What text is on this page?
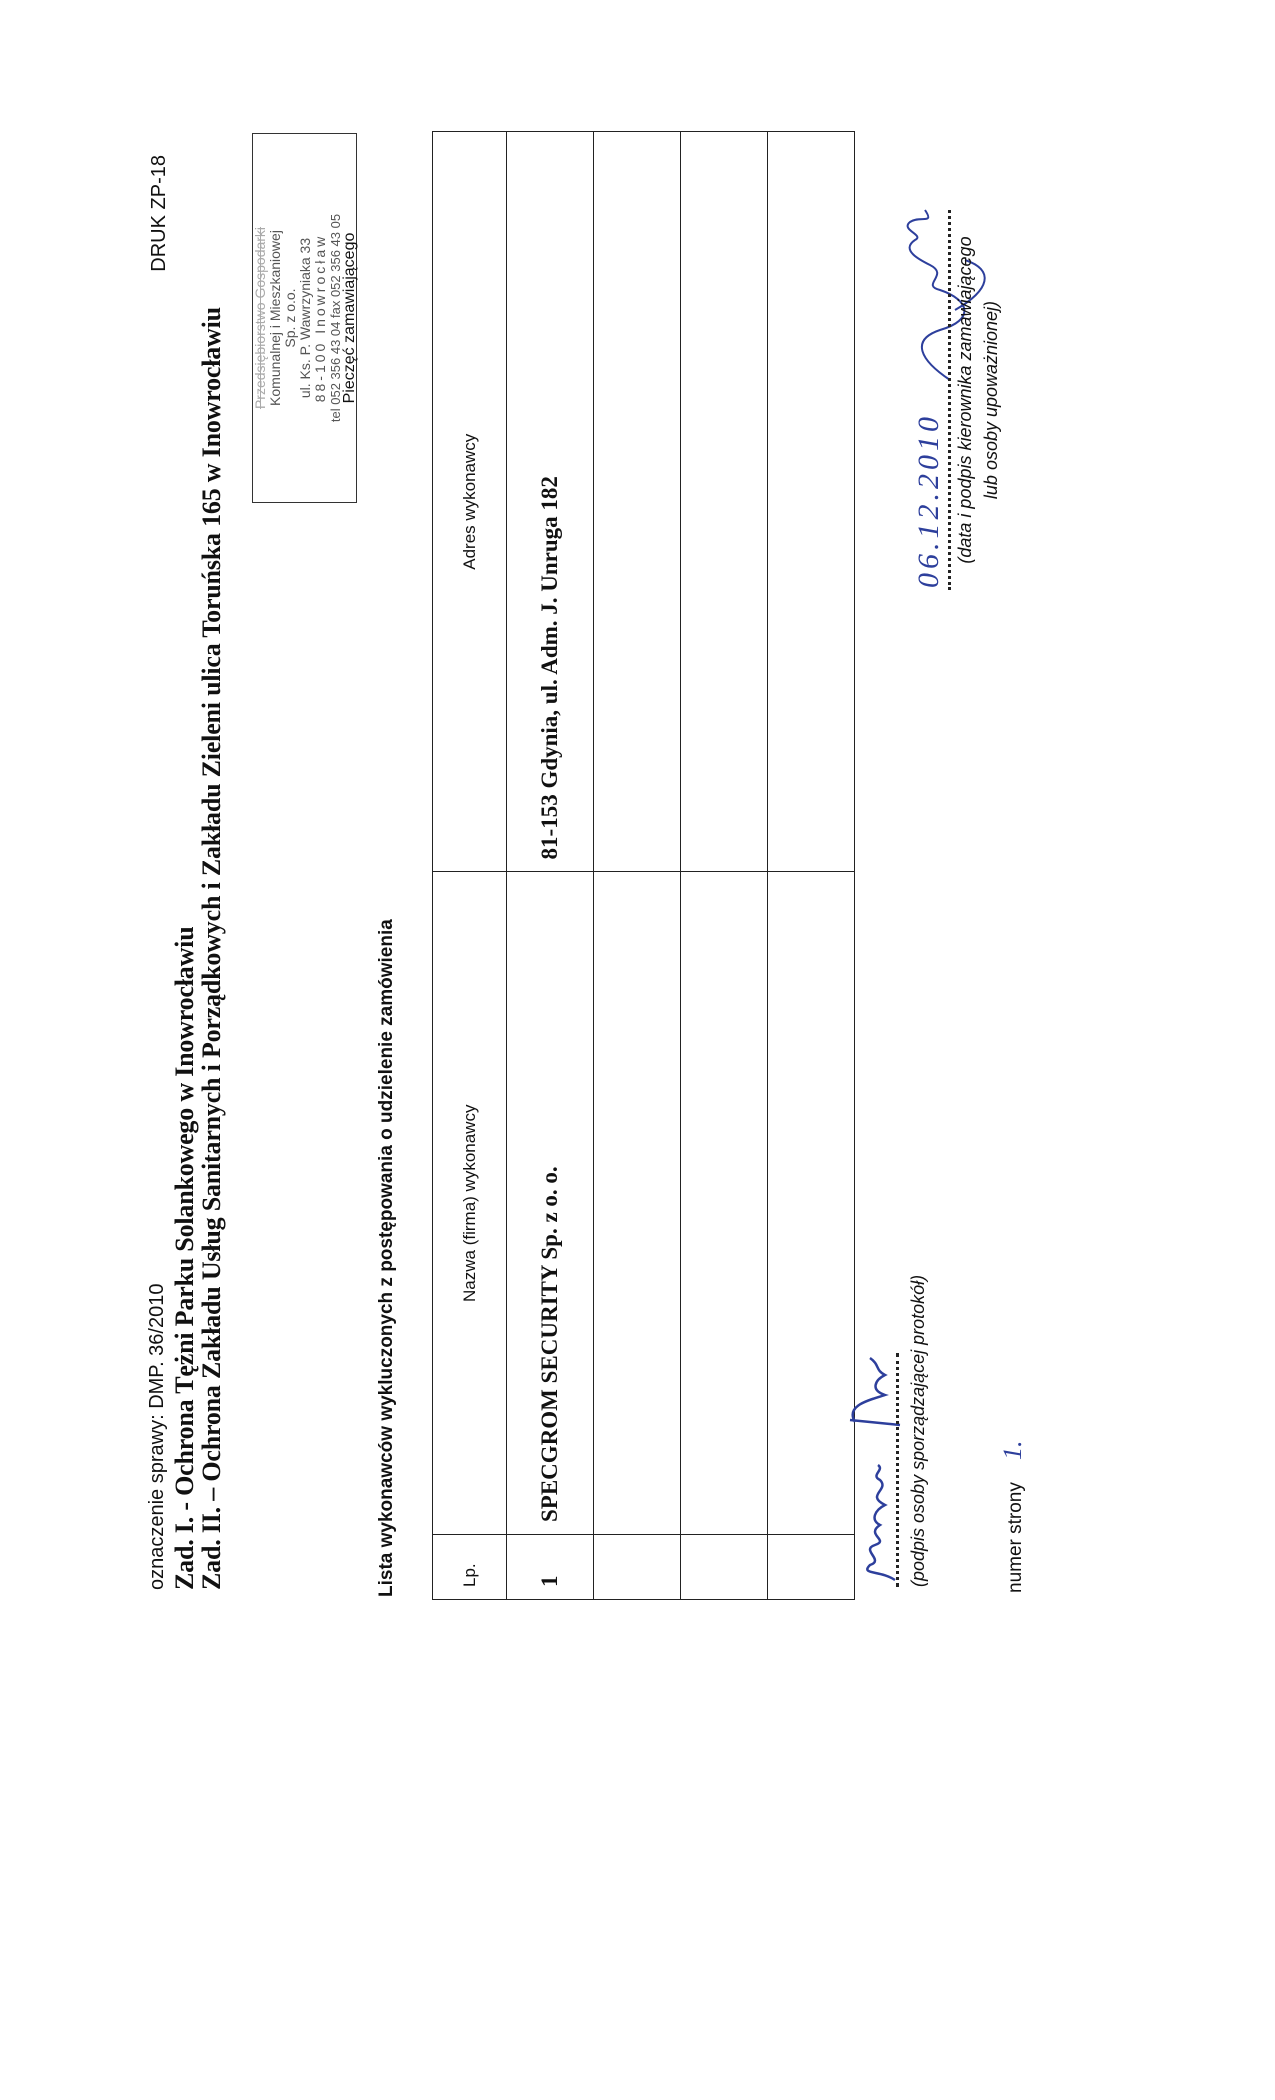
oznaczenie sprawy: DMP. 36/2010 Zad. I. - Ochrona Tężni Parku Solankowego w Inowrocławiu
Zad. II. – Ochrona Zakładu Usług Sanitarnych i Porządkowych i Zakładu Zieleni ulica Toruńska 165 w Inowrocławiu
DRUK ZP-18
Przedsiębiorstwo Gospodarki Komunalnej i Mieszkaniowej Sp. z o.o. ul. Ks. P. Wawrzyniaka 33 88-100 Inowrocław tel 052 356 43 04 fax 052 356 43 05
Pieczęć zamawiającego
Lista wykonawców wykluczonych z postępowania o udzielenie zamówienia	Lp.	Nazwa (firma) wykonawcy	Adres wykonawcy
1	SPECGROM SECURITY Sp. z o. o.	81-153 Gdynia, ul. Adm. J. Unruga 182

(podpis osoby sporządzającej protokół)	numer strony
1.
06.12.2010 (data i podpis kierownika zamawiającego lub osoby upoważnionej)
